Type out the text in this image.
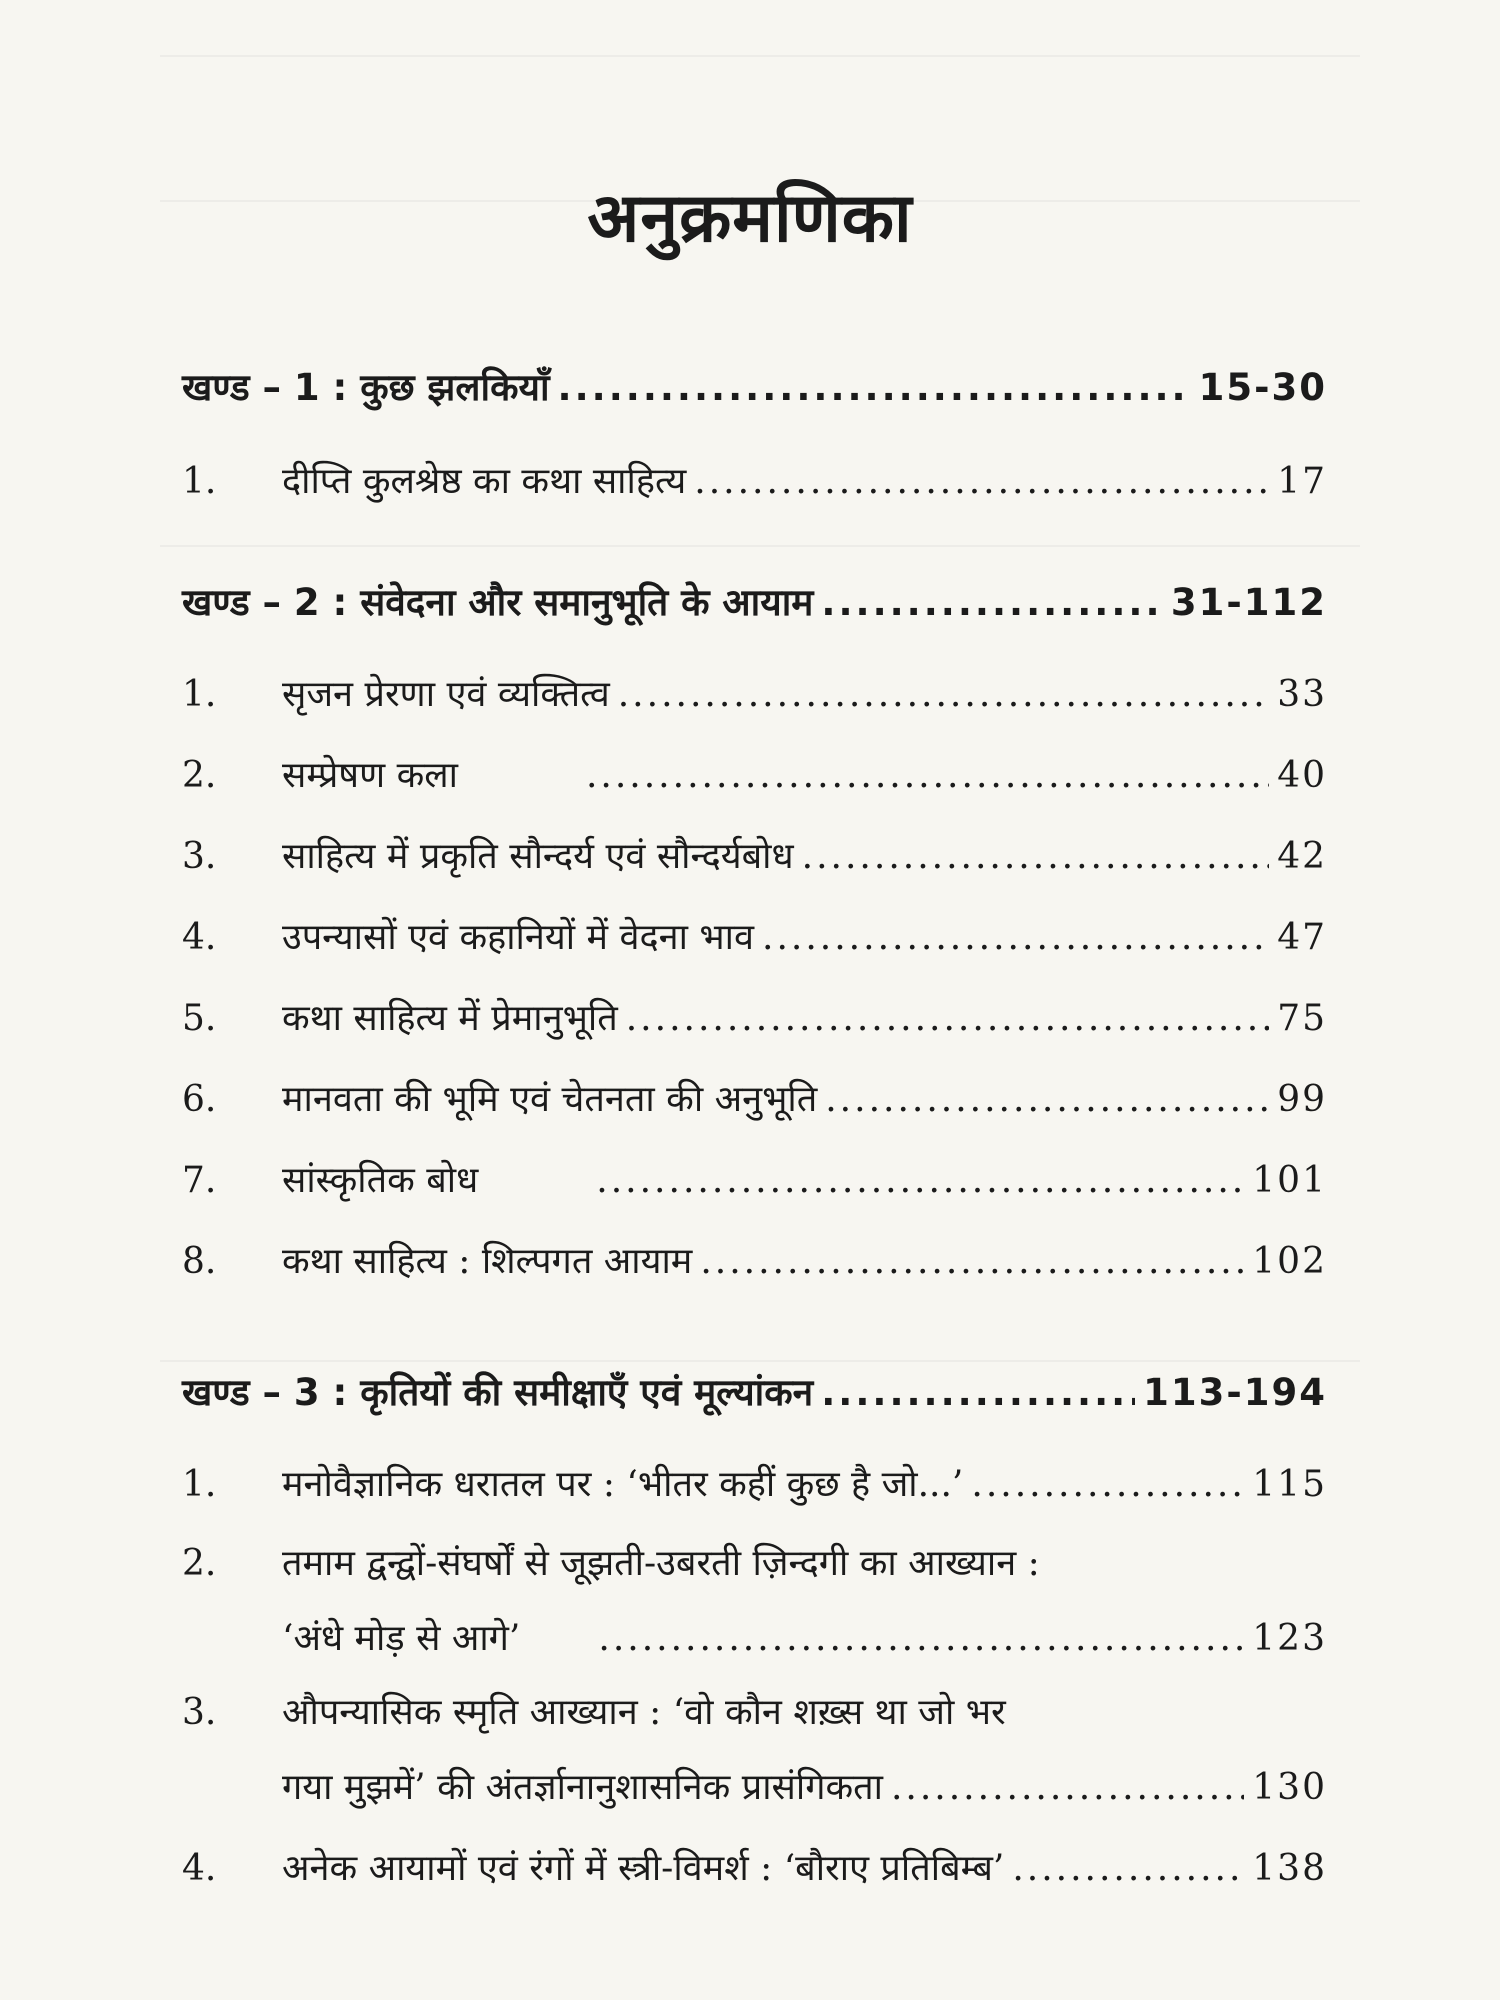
अनुक्रमणिका
खण्ड – 1 : कुछ झलकियाँ .....	15-30
1.	दीप्ति कुलश्रेष्ठ का कथा साहित्य .....	17
खण्ड – 2 : संवेदना और समानुभूति के आयाम .....	31-112
1.	सृजन प्रेरणा एवं व्यक्तित्व .....	33
2.	सम्प्रेषण कला .....	40
3.	साहित्य में प्रकृति सौन्दर्य एवं सौन्दर्यबोध .....	42
4.	उपन्यासों एवं कहानियों में वेदना भाव .....	47
5.	कथा साहित्य में प्रेमानुभूति .....	75
6.	मानवता की भूमि एवं चेतनता की अनुभूति .....	99
7.	सांस्कृतिक बोध .....	101
8.	कथा साहित्य : शिल्पगत आयाम .....	102
खण्ड – 3 : कृतियों की समीक्षाएँ एवं मूल्यांकन .....	113-194
1.	मनोवैज्ञानिक धरातल पर : ‘भीतर कहीं कुछ है जो...’ .....	115
2.	तमाम द्वन्द्वों-संघर्षों से जूझती-उबरती ज़िन्दगी का आख्यान :
‘अंधे मोड़ से आगे’ .....	123
3.	औपन्यासिक स्मृति आख्यान : ‘वो कौन शख़्स था जो भर
गया मुझमें’ की अंतर्ज्ञानानुशासनिक प्रासंगिकता .....	130
4.	अनेक आयामों एवं रंगों में स्त्री-विमर्श : ‘बौराए प्रतिबिम्ब’ .....	138
